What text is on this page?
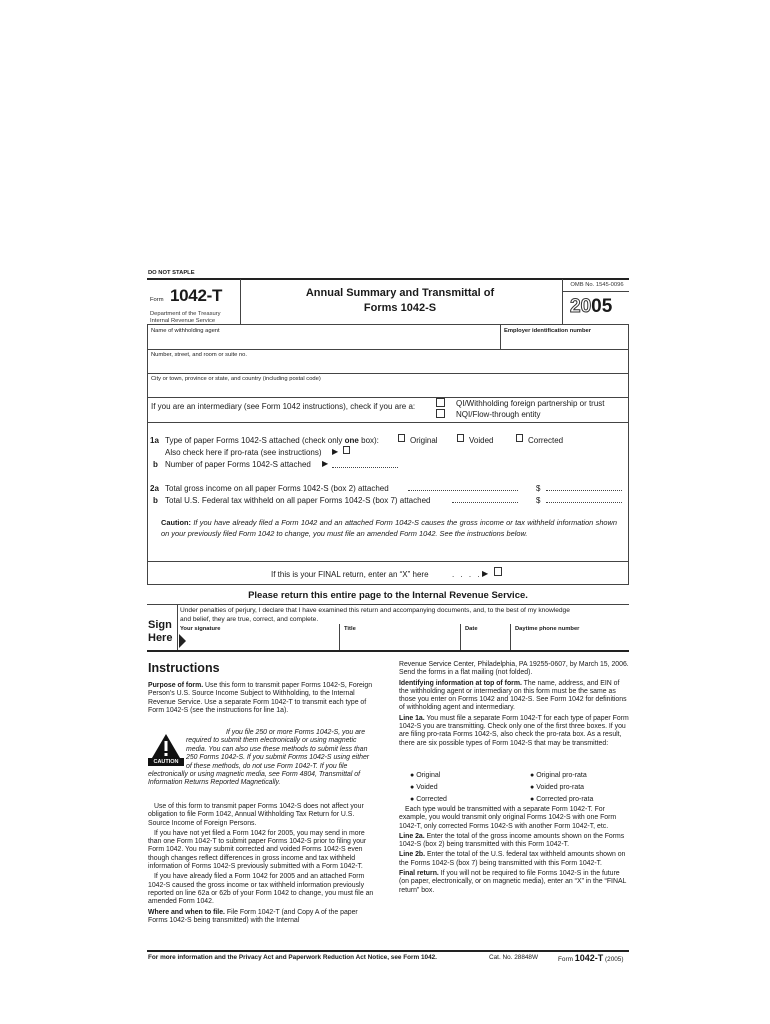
DO NOT STAPLE
Form 1042-T
Department of the Treasury
Internal Revenue Service
Annual Summary and Transmittal of
Forms 1042-S
OMB No. 1545-0096
2005
Name of withholding agent	Employer identification number
Number, street, and room or suite no.
City or town, province or state, and country (including postal code)
If you are an intermediary (see Form 1042 instructions), check if you are a:	QI/Withholding foreign partnership or trust
NQI/Flow-through entity
1a Type of paper Forms 1042-S attached (check only one box):	Original	Voided	Corrected
Also check here if pro-rata (see instructions) ▶
b Number of paper Forms 1042-S attached ▶
2a Total gross income on all paper Forms 1042-S (box 2) attached	$
b Total U.S. Federal tax withheld on all paper Forms 1042-S (box 7) attached	$
Caution: If you have already filed a Form 1042 and an attached Form 1042-S causes the gross income or tax withheld information shown on your previously filed Form 1042 to change, you must file an amended Form 1042. See the instructions below.
If this is your FINAL return, enter an “X” here	. . . . ▶
Please return this entire page to the Internal Revenue Service.
Sign
Here
Under penalties of perjury, I declare that I have examined this return and accompanying documents, and, to the best of my knowledge
and belief, they are true, correct, and complete.
Your signature	Title	Date	Daytime phone number
Instructions

Purpose of form. Use this form to transmit paper Forms 1042-S, Foreign Person’s U.S. Source Income Subject to Withholding, to the Internal Revenue Service. Use a separate Form 1042-T to transmit each type of Form 1042-S (see the instructions for line 1a).

CAUTION
If you file 250 or more Forms 1042-S, you are required to submit them electronically or using magnetic media. You can also use these methods to submit less than 250 Forms 1042-S. If you submit Forms 1042-S using either of these methods, do not use Form 1042-T. If you file electronically or using magnetic media, see Form 4804, Transmittal of Information Returns Reported Magnetically.

Use of this form to transmit paper Forms 1042-S does not affect your obligation to file Form 1042, Annual Withholding Tax Return for U.S. Source Income of Foreign Persons.

If you have not yet filed a Form 1042 for 2005, you may send in more than one Form 1042-T to submit paper Forms 1042-S prior to filing your Form 1042. You may submit corrected and voided Forms 1042-S even though changes reflect differences in gross income and tax withheld information of Forms 1042-S previously submitted with a Form 1042-T.

If you have already filed a Form 1042 for 2005 and an attached Form 1042-S caused the gross income or tax withheld information previously reported on line 62a or 62b of your Form 1042 to change, you must file an amended Form 1042.

Where and when to file. File Form 1042-T (and Copy A of the paper Forms 1042-S being transmitted) with the Internal

Revenue Service Center, Philadelphia, PA 19255-0607, by March 15, 2006. Send the forms in a flat mailing (not folded).

Identifying information at top of form. The name, address, and EIN of the withholding agent or intermediary on this form must be the same as those you enter on Forms 1042 and 1042-S. See Form 1042 for definitions of withholding agent and intermediary.

Line 1a. You must file a separate Form 1042-T for each type of paper Form 1042-S you are transmitting. Check only one of the first three boxes. If you are filing pro-rata Forms 1042-S, also check the pro-rata box. As a result, there are six possible types of Form 1042-S that may be transmitted:

● Original
● Voided
● Corrected
● Original pro-rata
● Voided pro-rata
● Corrected pro-rata

Each type would be transmitted with a separate Form 1042-T. For example, you would transmit only original Forms 1042-S with one Form 1042-T, only corrected Forms 1042-S with another Form 1042-T, etc.

Line 2a. Enter the total of the gross income amounts shown on the Forms 1042-S (box 2) being transmitted with this Form 1042-T.

Line 2b. Enter the total of the U.S. federal tax withheld amounts shown on the Forms 1042-S (box 7) being transmitted with this Form 1042-T.

Final return. If you will not be required to file Forms 1042-S in the future (on paper, electronically, or on magnetic media), enter an “X” in the “FINAL return” box.

For more information and the Privacy Act and Paperwork Reduction Act Notice, see Form 1042.	Cat. No. 28848W	Form 1042-T (2005)
